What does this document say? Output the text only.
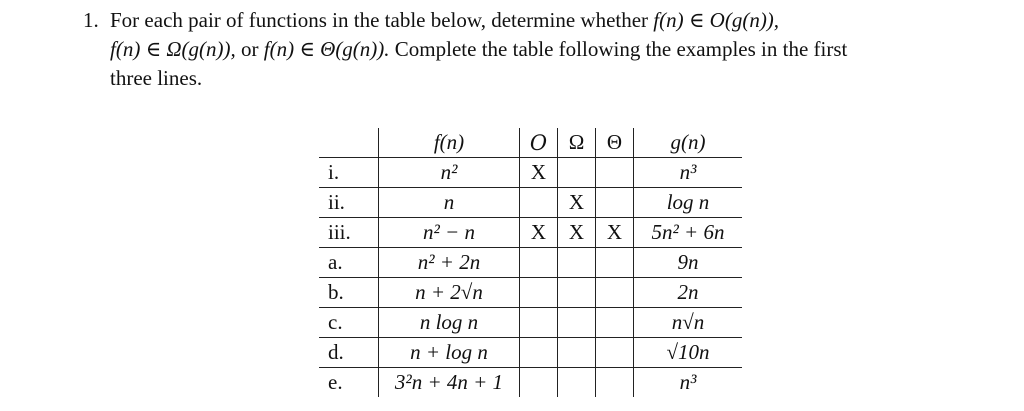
1. For each pair of functions in the table below, determine whether f(n) ∈ O(g(n)),
f(n) ∈ Ω(g(n)), or f(n) ∈ Θ(g(n)). Complete the table following the examples in the first
three lines.
	f(n)	O	Ω	Θ	g(n)
i.	n²	X			n³
ii.	n		X		log n
iii.	n² − n	X	X	X	5n² + 6n
a.	n² + 2n				9n
b.	n + 2√n				2n
c.	n log n				n√n
d.	n + log n				√10n
e.	3²n + 4n + 1				n³
